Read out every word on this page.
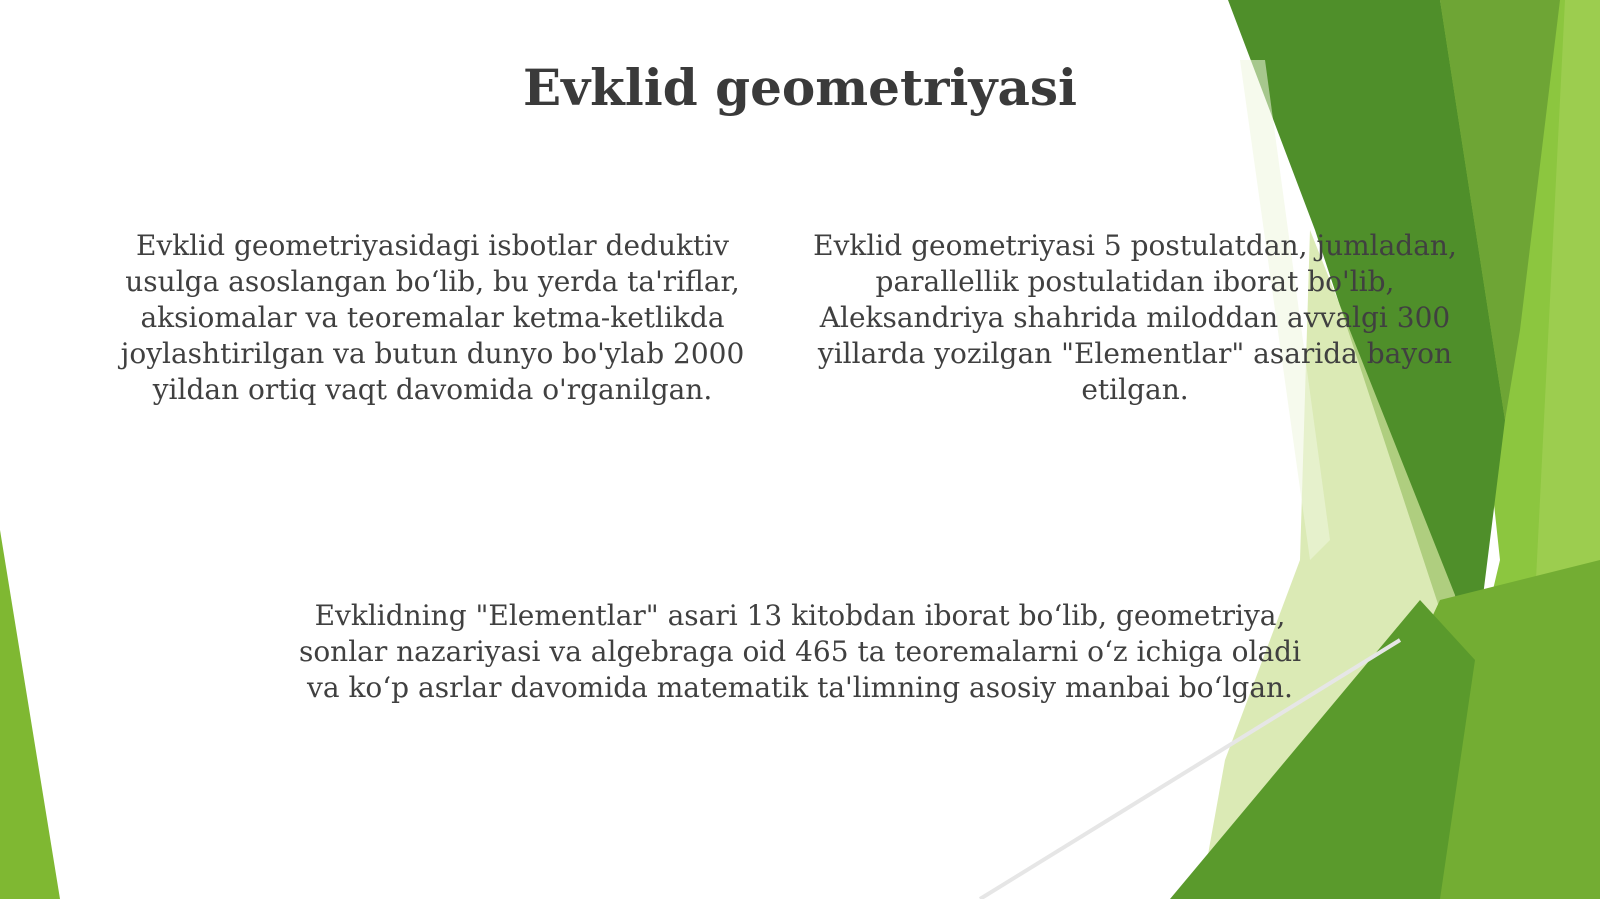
Evklid geometriyasi

Evklid geometriyasidagi isbotlar deduktiv usulga asoslangan bo‘lib, bu yerda ta'riflar, aksiomalar va teoremalar ketma-ketlikda joylashtirilgan va butun dunyo bo'ylab 2000 yildan ortiq vaqt davomida o'rganilgan.

Evklid geometriyasi 5 postulatdan, jumladan, parallellik postulatidan iborat bo'lib, Aleksandriya shahrida miloddan avvalgi 300 yillarda yozilgan "Elementlar" asarida bayon etilgan.

Evklidning "Elementlar" asari 13 kitobdan iborat bo‘lib, geometriya, sonlar nazariyasi va algebraga oid 465 ta teoremalarni o‘z ichiga oladi va ko‘p asrlar davomida matematik ta'limning asosiy manbai bo‘lgan.
